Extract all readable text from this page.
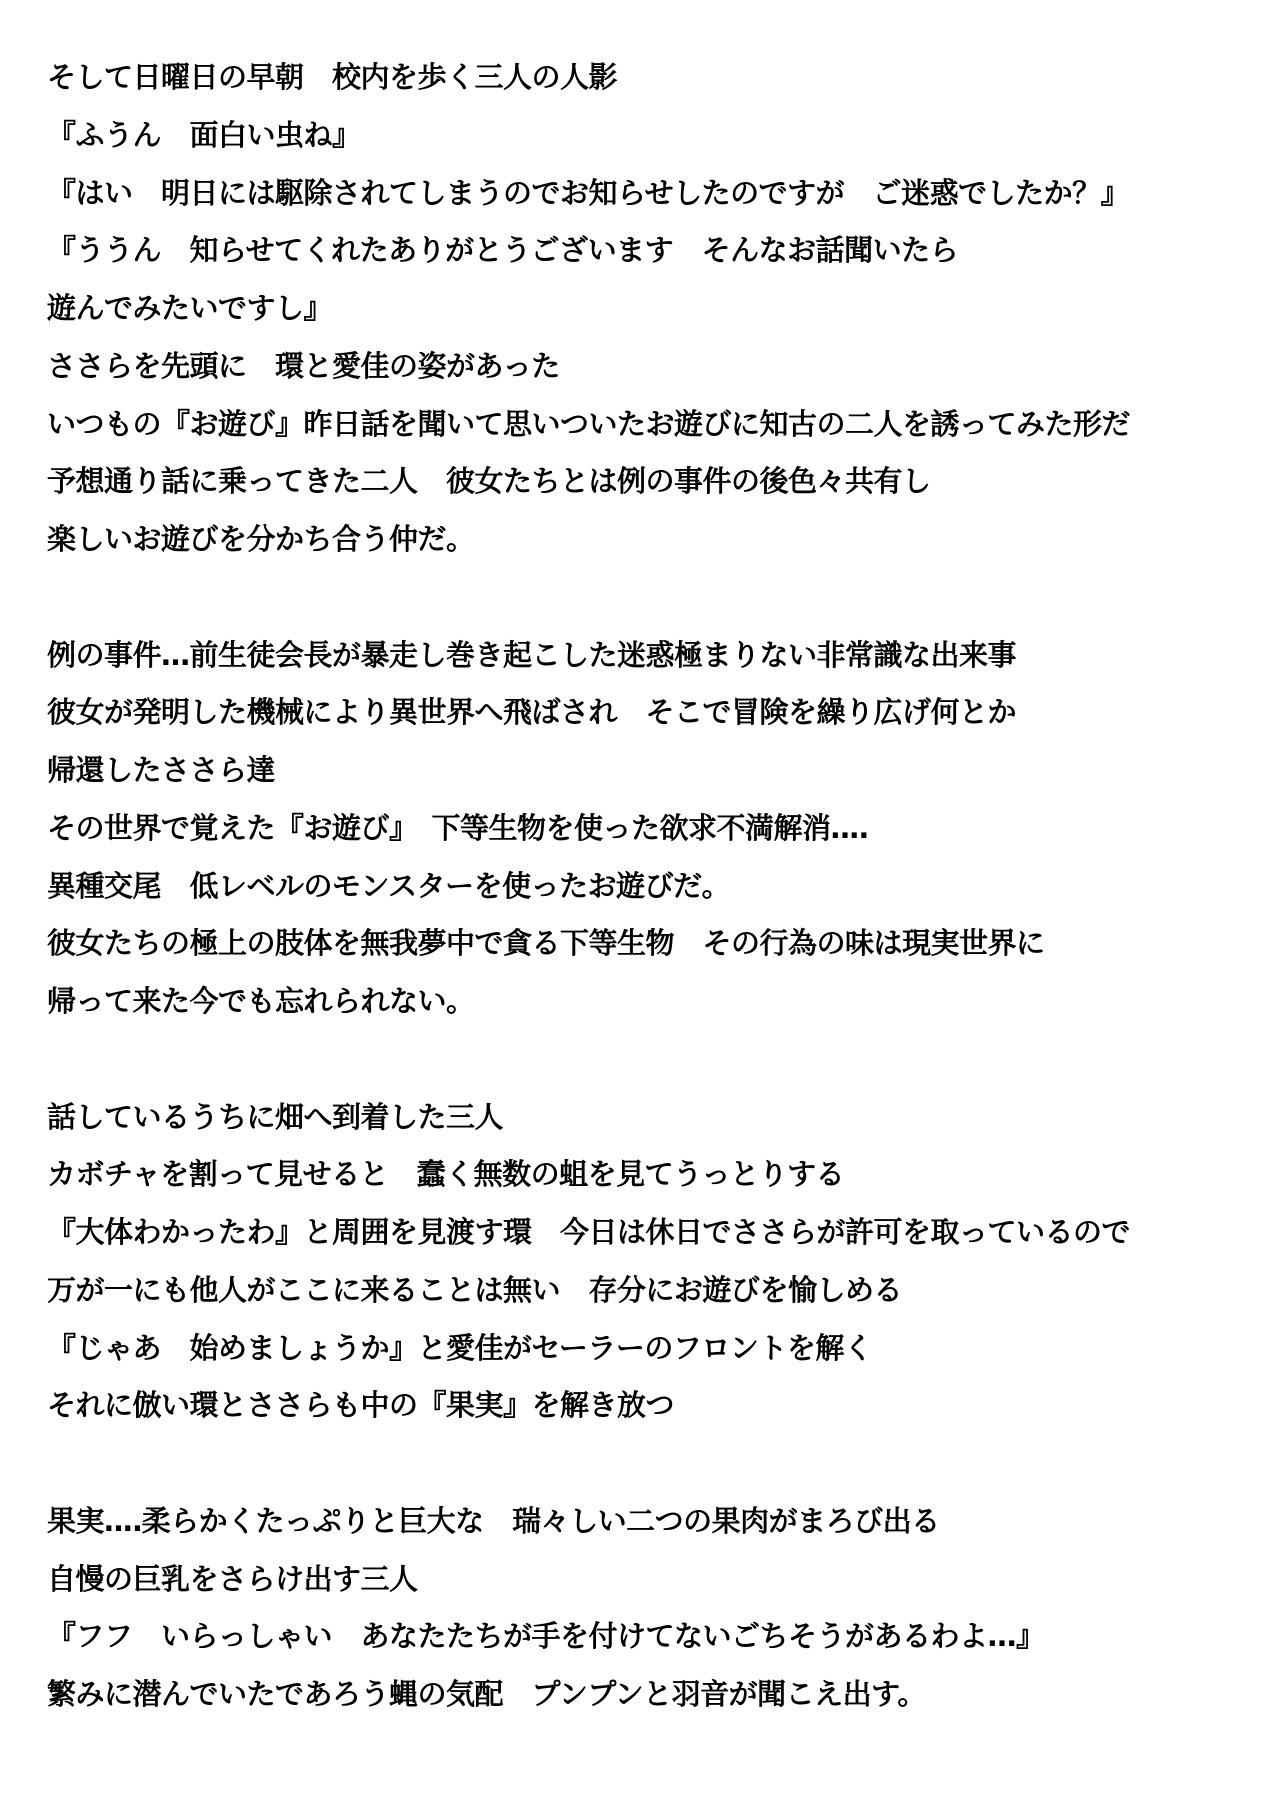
そして日曜日の早朝　校内を歩く三人の人影
『ふうん　面白い虫ね』
『はい　明日には駆除されてしまうのでお知らせしたのですが　ご迷惑でしたか？』
『ううん　知らせてくれたありがとうございます　そんなお話聞いたら
遊んでみたいですし』
ささらを先頭に　環と愛佳の姿があった
いつもの『お遊び』昨日話を聞いて思いついたお遊びに知古の二人を誘ってみた形だ
予想通り話に乗ってきた二人　彼女たちとは例の事件の後色々共有し
楽しいお遊びを分かち合う仲だ。
例の事件…前生徒会長が暴走し巻き起こした迷惑極まりない非常識な出来事
彼女が発明した機械により異世界へ飛ばされ　そこで冒険を繰り広げ何とか
帰還したささら達
その世界で覚えた『お遊び』　下等生物を使った欲求不満解消‥‥
異種交尾　低レベルのモンスターを使ったお遊びだ。
彼女たちの極上の肢体を無我夢中で貪る下等生物　その行為の味は現実世界に
帰って来た今でも忘れられない。
話しているうちに畑へ到着した三人
カボチャを割って見せると　蠢く無数の蛆を見てうっとりする
『大体わかったわ』と周囲を見渡す環　今日は休日でささらが許可を取っているので
万が一にも他人がここに来ることは無い　存分にお遊びを愉しめる
『じゃあ　始めましょうか』と愛佳がセーラーのフロントを解く
それに倣い環とささらも中の『果実』を解き放つ
果実‥‥柔らかくたっぷりと巨大な　瑞々しい二つの果肉がまろび出る
自慢の巨乳をさらけ出す三人
『フフ　いらっしゃい　あなたたちが手を付けてないごちそうがあるわよ…』
繁みに潜んでいたであろう蝿の気配　プンプンと羽音が聞こえ出す。
